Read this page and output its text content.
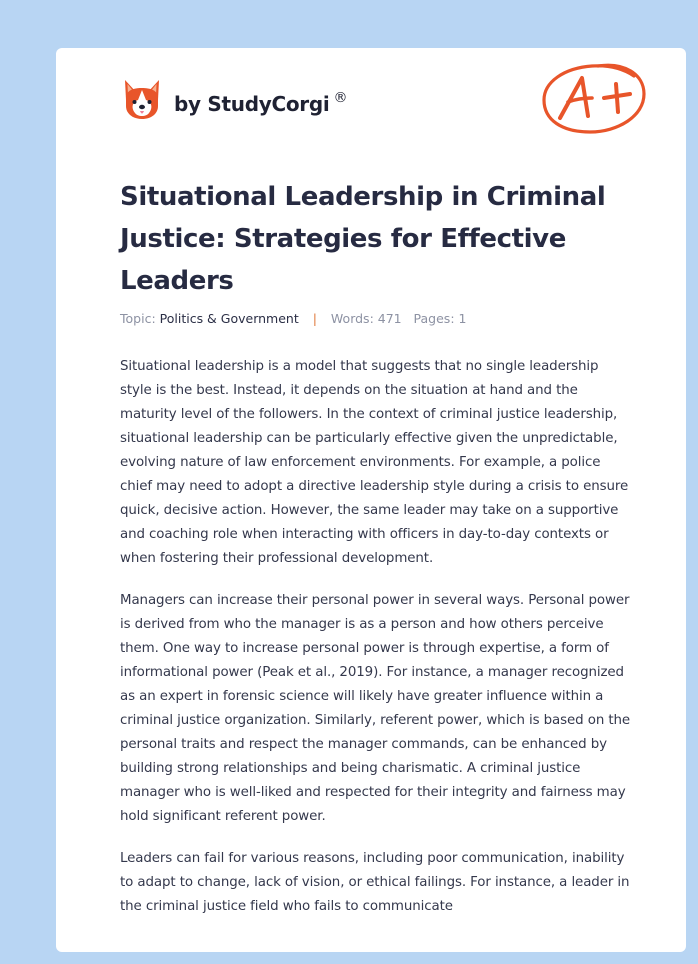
by StudyCorgi ®
Situational Leadership in Criminal Justice: Strategies for Effective Leaders
Topic: Politics & Government | Words: 471 Pages: 1

Situational leadership is a model that suggests that no single leadership style is the best. Instead, it depends on the situation at hand and the maturity level of the followers. In the context of criminal justice leadership, situational leadership can be particularly effective given the unpredictable, evolving nature of law enforcement environments. For example, a police chief may need to adopt a directive leadership style during a crisis to ensure quick, decisive action. However, the same leader may take on a supportive and coaching role when interacting with officers in day-to-day contexts or when fostering their professional development.

Managers can increase their personal power in several ways. Personal power is derived from who the manager is as a person and how others perceive them. One way to increase personal power is through expertise, a form of informational power (Peak et al., 2019). For instance, a manager recognized as an expert in forensic science will likely have greater influence within a criminal justice organization. Similarly, referent power, which is based on the personal traits and respect the manager commands, can be enhanced by building strong relationships and being charismatic. A criminal justice manager who is well-liked and respected for their integrity and fairness may hold significant referent power.

Leaders can fail for various reasons, including poor communication, inability to adapt to change, lack of vision, or ethical failings. For instance, a leader in the criminal justice field who fails to communicate
